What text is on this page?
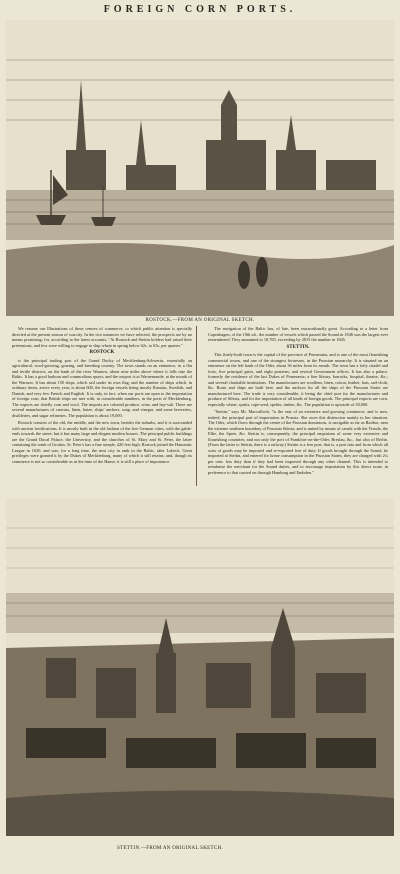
FOREIGN CORN PORTS.
ROSTOCK.—FROM AN ORIGINAL SKETCH.

We resume our Illustrations of these centres of commerce, to which public attention is specially directed at the present season of scarcity. In the two instances we have selected, the prospects are by no means promising; for, according to the latest accounts, "At Rostock and Stettin holders had raised their pretensions, and few were willing to engage to ship wheat in spring below 62s. to 65s. per quarter."

ROSTOCK

is the principal trading port of the Grand Duchy of Mecklenburg-Schwerin, essentially an agricultural, wool-growing, grazing, and breeding country. The town stands on an eminence, in a flat and fertile districts, on the bank of the river Warnow, about nine miles above where it falls into the Baltic. It has a good harbour and commodious quays; and the outport is at Warnemunde, at the mouth of the Warnow. It has about 150 ships, which sail under its own flag; and the number of ships which, in ordinary times, arrive every year, is about 600, the foreign vessels being mostly Russian, Swedish, and Danish, and very few French and English. It is only, in fact, when our ports are open to the importation of foreign corn, that British ships are met with, in considerable numbers, in the ports of Mecklenburg. The exports are chiefly corn and wool. The imports are colonial produce, wine, and hay-salt. There are several manufactures of canvass, linen, baize, ships' anchors, soap, and vinegar, and some breweries, distilleries, and sugar refineries. The population is about 19,000.

Rostock consists of the old, the middle, and the new town, besides the suburbs, and it is surrounded with ancient fortifications. It is mostly built in the old fashion of the free German cities, with the gable-ends towards the street; but it has many large and elegant modern houses. The principal public buildings are the Grand Ducal Palace, the University, and the churches of St. Mary and St. Peter, the latter containing the tomb of Grotius. St. Peter's has a fine steeple, 420 feet high. Rostock joined the Hanseatic League in 1630, and was, for a long time, the next city in rank in the Baltic, after Lubeck. Great privileges were granted it by the Dukes of Mecklenburg, many of which it still retains; and, though its commerce is not so considerable as in the time of the Hanse, it is still a place of importance.

The navigation of the Baltic has, of late, been extraordinarily great. According to a letter from Copenhagen, of the 19th ult., the number of vessels which passed the Sound in 1846 was the largest ever remembered. They amounted to 18,765, exceeding by 2815 the number in 1845.

STETTIN.

This finely-built town is the capital of the province of Pomerania, and is one of the most flourishing commercial towns, and one of the strongest fortresses, in the Prussian monarchy. It is situated on an eminence on the left bank of the Oder, about 36 miles from its mouth. The town has a lofty citadel and forts, five principal gates, and eight posterns; and several Government offices. It has also a palace, formerly the residence of the last Dukes of Pomerania; a fine library, barracks, hospital, theatre, &c.; and several charitable institutions. The manufactures are woollens, linen, cotton, leather, hats, sail-cloth, &c. Boats and ships are built here, and the anchors for all the ships of the Prussian States are manufactured here. The trade is very considerable, it being the chief port for the manufactures and produce of Silesia, and for the importation of all kinds of foreign goods. The principal exports are corn, especially wheat; spirits, rape-seed, spelter, timber, &c. The population is upwards of 30,000.

"Stettin," says Mr. Macculloch, "is the seat of an extensive and growing commerce; and is now, indeed, the principal port of importation in Prussia. She owes this distinction mainly to her situation. The Oder, which flows through the centre of the Prussian dominions, is navigable as far as Ratibor, near the extreme southern boundary of Prussian Silesia; and is united by means of canals with the Vistula, the Elbe, the Spree, &c. Stettin is, consequently, the principal emporium of some very extensive and flourishing countries; and not only the port of Frankfort-on-the-Oder, Breslau, &c., but also of Berlin. (From the latter to Stettin, there is a railway.) Stettin is a free port; that is, a port into and from which all sorts of goods may be imported and re-exported free of duty. If goods brought through the Sound, be imported at Stettin, and entered for home consumption in the Prussian States, they are charged with 2¼ per cent. less duty than if they had been imported through any other channel. This is intended to reimburse the merchant for the Sound duties, and to encourage importation by this direct route, in preference to that carried on through Hamburg and Embden."

STETTIN.—FROM AN ORIGINAL SKETCH.
